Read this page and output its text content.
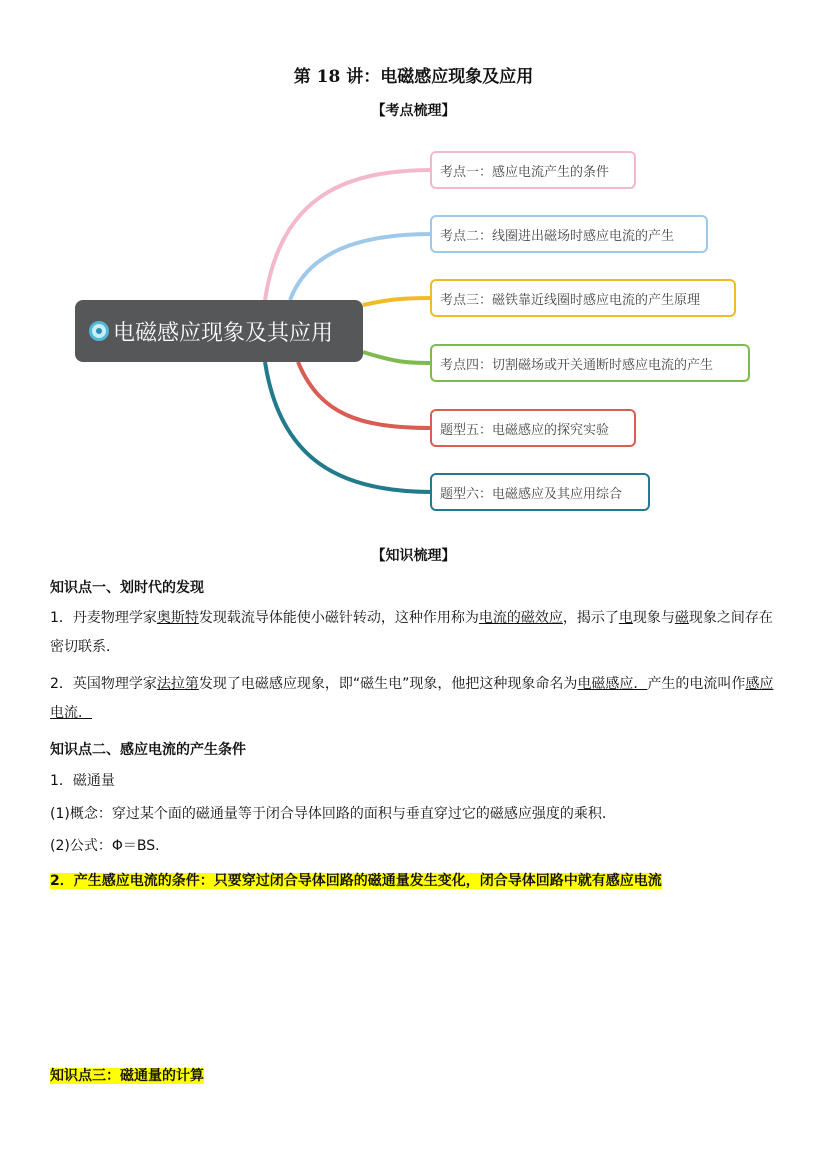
第 18 讲：电磁感应现象及应用
【考点梳理】
电磁感应现象及其应用
考点一：感应电流产生的条件
考点二：线圈进出磁场时感应电流的产生
考点三：磁铁靠近线圈时感应电流的产生原理
考点四：切割磁场或开关通断时感应电流的产生
题型五：电磁感应的探究实验
题型六：电磁感应及其应用综合
【知识梳理】
知识点一、划时代的发现
1．丹麦物理学家奥斯特发现载流导体能使小磁针转动，这种作用称为电流的磁效应，揭示了电现象与磁现象之间存在密切联系．
2．英国物理学家法拉第发现了电磁感应现象，即“磁生电”现象，他把这种现象命名为电磁感应．产生的电流叫作感应电流．
知识点二、感应电流的产生条件
1．磁通量
(1)概念：穿过某个面的磁通量等于闭合导体回路的面积与垂直穿过它的磁感应强度的乘积．
(2)公式：Φ＝BS.
2．产生感应电流的条件：只要穿过闭合导体回路的磁通量发生变化，闭合导体回路中就有感应电流
知识点三：磁通量的计算
